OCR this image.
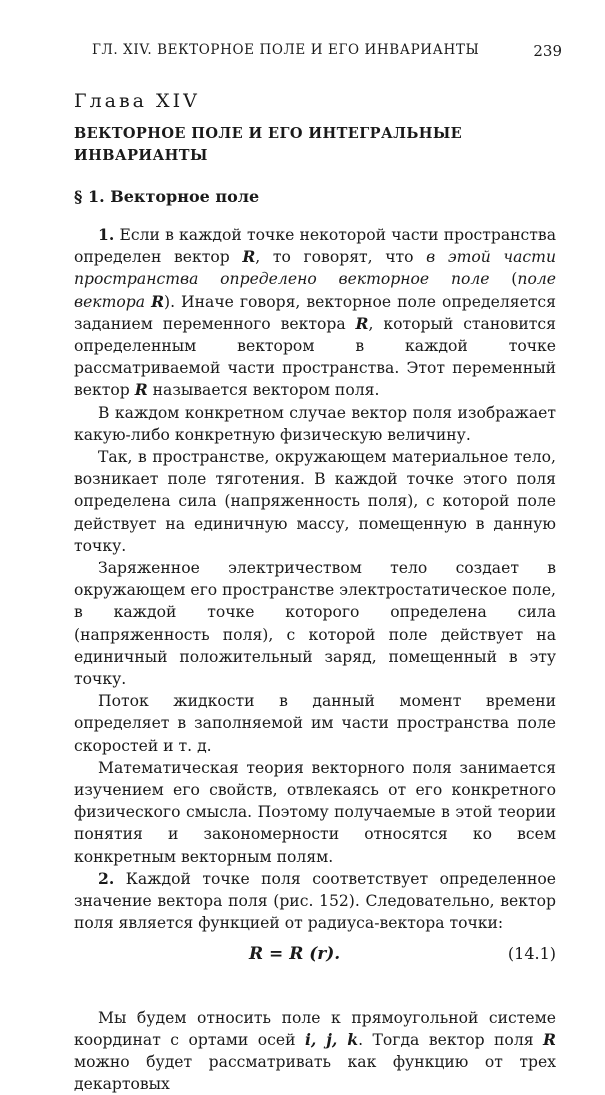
ГЛ. XIV. ВЕКТОРНОЕ ПОЛЕ И ЕГО ИНВАРИАНТЫ	239
Глава XIV
ВЕКТОРНОЕ ПОЛЕ И ЕГО ИНТЕГРАЛЬНЫЕ ИНВАРИАНТЫ
§ 1. Векторное поле

1. Если в каждой точке некоторой части пространства определен вектор R, то говорят, что в этой части пространства определено векторное поле (поле вектора R). Иначе говоря, векторное поле определяется заданием переменного вектора R, который становится определенным вектором в каждой точке рассматриваемой части пространства. Этот переменный вектор R называется вектором поля.

В каждом конкретном случае вектор поля изображает какую-либо конкретную физическую величину.

Так, в пространстве, окружающем материальное тело, возникает поле тяготения. В каждой точке этого поля определена сила (напряженность поля), с которой поле действует на единичную массу, помещенную в данную точку.

Заряженное электричеством тело создает в окружающем его пространстве электростатическое поле, в каждой точке которого определена сила (напряженность поля), с которой поле действует на единичный положительный заряд, помещенный в эту точку.

Поток жидкости в данный момент времени определяет в заполняемой им части пространства поле скоростей и т. д.

Математическая теория векторного поля занимается изучением его свойств, отвлекаясь от его конкретного физического смысла. Поэтому получаемые в этой теории понятия и закономерности относятся ко всем конкретным векторным полям.

2. Каждой точке поля соответствует определенное значение вектора поля (рис. 152). Следовательно, вектор поля является функцией от радиуса-вектора точки:

R = R (r).	(14.1)

Мы будем относить поле к прямоугольной системе координат с ортами осей i, j, k. Тогда вектор поля R можно будет рассматривать как функцию от трех декартовых
